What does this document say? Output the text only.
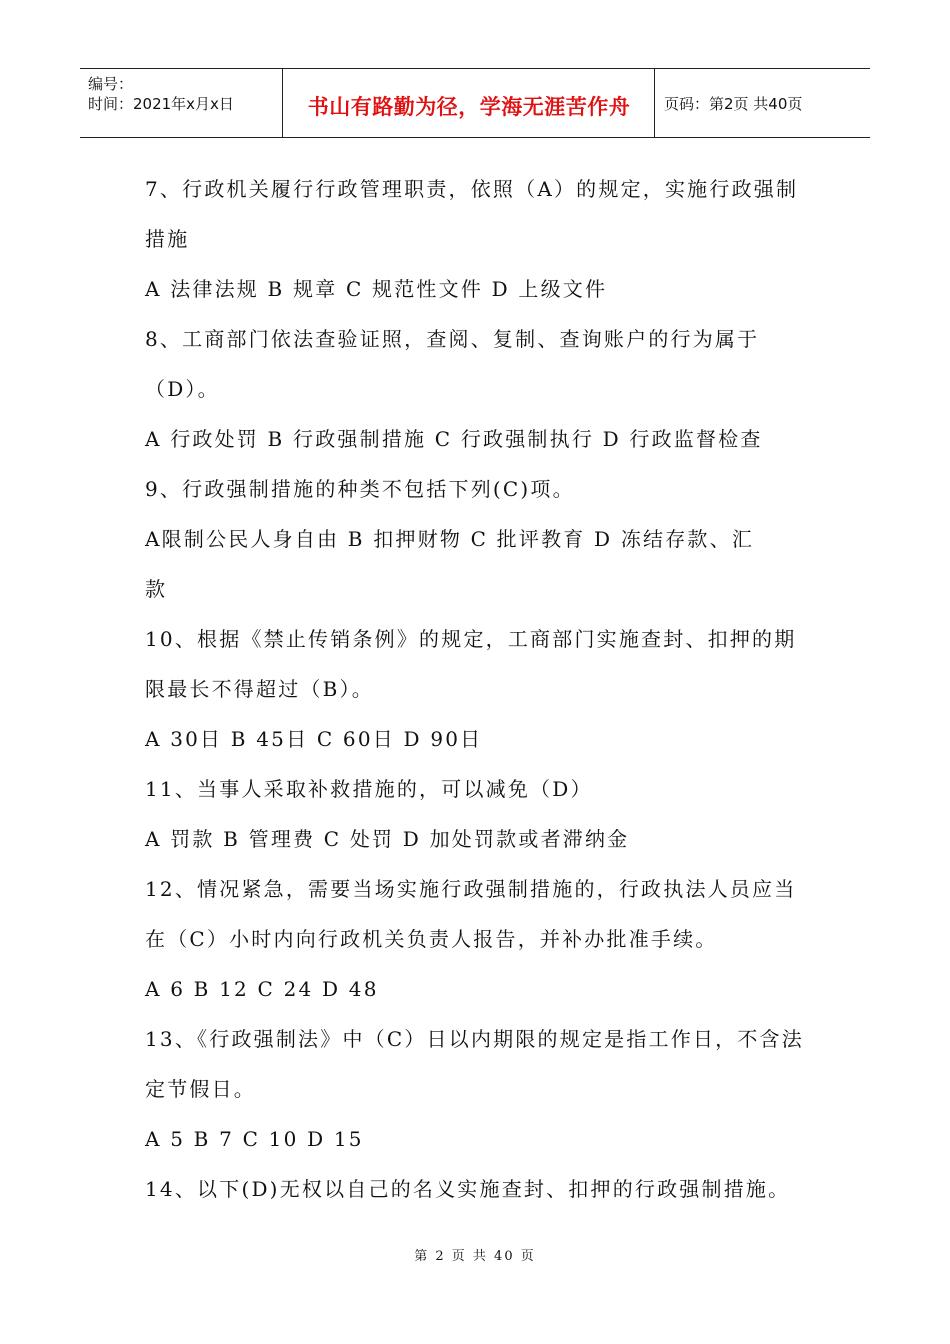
编号：
时间：2021年x月x日	书山有路勤为径，学海无涯苦作舟	页码：第2页 共40页
7、行政机关履行行政管理职责，依照（A）的规定，实施行政强制
措施
A 法律法规 B 规章 C 规范性文件 D 上级文件
8、工商部门依法查验证照，查阅、复制、查询账户的行为属于
（D）。
A 行政处罚 B 行政强制措施 C 行政强制执行 D 行政监督检查
9、行政强制措施的种类不包括下列(C)项。
A限制公民人身自由 B 扣押财物 C 批评教育 D 冻结存款、汇
款
10、根据《禁止传销条例》的规定，工商部门实施查封、扣押的期
限最长不得超过（B）。
A 30日 B 45日 C 60日 D 90日
11、当事人采取补救措施的，可以减免（D）
A 罚款 B 管理费 C 处罚 D 加处罚款或者滞纳金
12、情况紧急，需要当场实施行政强制措施的，行政执法人员应当
在（C）小时内向行政机关负责人报告，并补办批准手续。
A 6 B 12 C 24 D 48
13、《行政强制法》中（C）日以内期限的规定是指工作日，不含法
定节假日。
A 5 B 7 C 10 D 15
14、以下(D)无权以自己的名义实施查封、扣押的行政强制措施。
第 2 页 共 40 页
